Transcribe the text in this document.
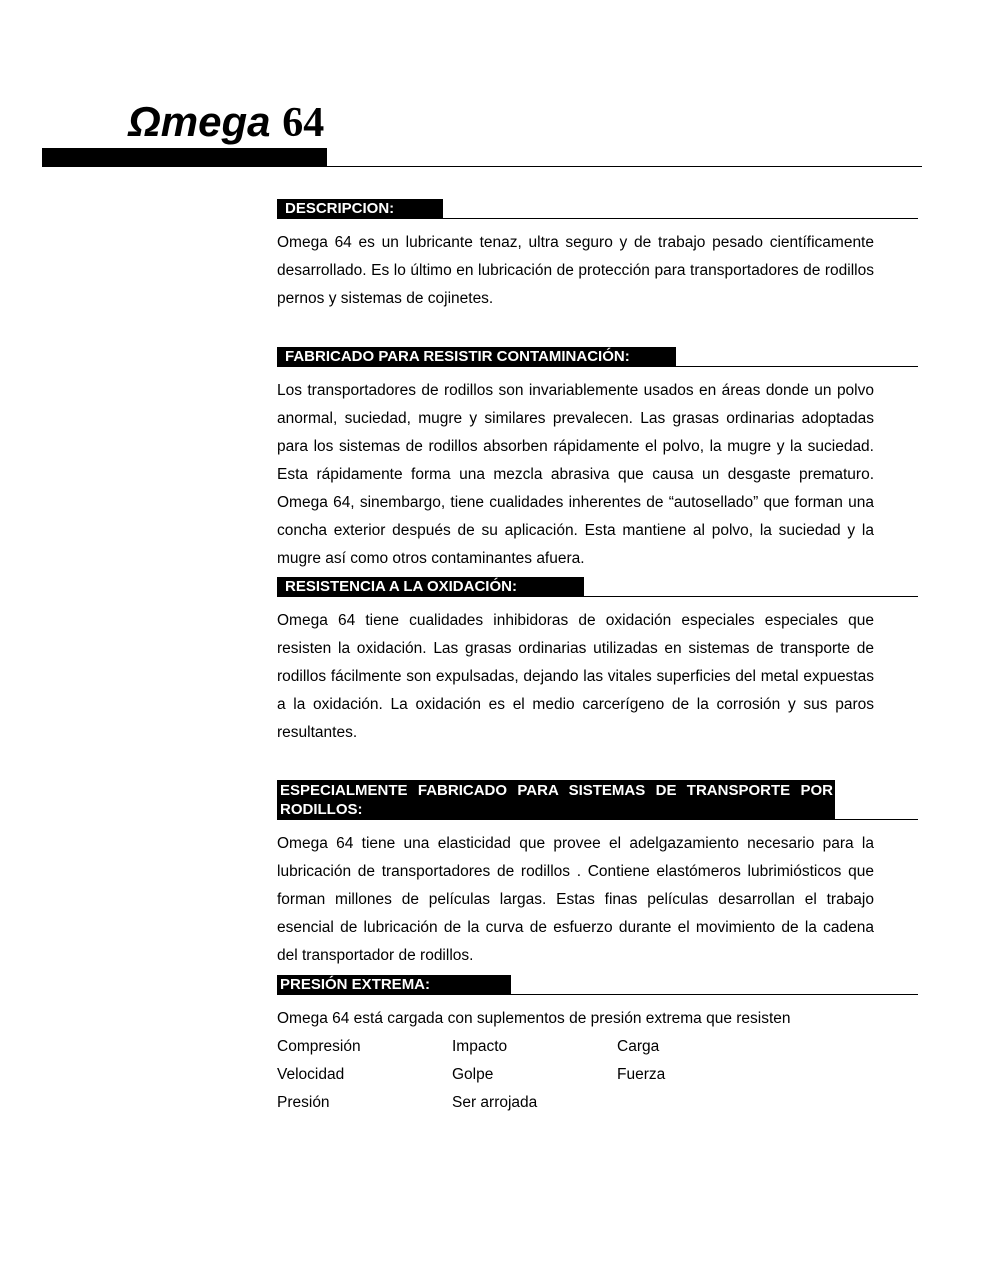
Ωmega 64
DESCRIPCION:

Omega 64 es un lubricante tenaz, ultra seguro y de trabajo pesado científicamente desarrollado. Es lo último en lubricación de protección para transportadores de rodillos pernos y sistemas de cojinetes.

FABRICADO PARA RESISTIR CONTAMINACIÓN:

Los transportadores de rodillos son invariablemente usados en áreas donde un polvo anormal, suciedad, mugre y similares prevalecen. Las grasas ordinarias adoptadas para los sistemas de rodillos absorben rápidamente el polvo, la mugre y la suciedad. Esta rápidamente forma una mezcla abrasiva que causa un desgaste prematuro. Omega 64, sinembargo, tiene cualidades inherentes de “autosellado” que forman una concha exterior después de su aplicación. Esta mantiene al polvo, la suciedad y la mugre así como otros contaminantes afuera.

RESISTENCIA A LA OXIDACIÓN:

Omega 64 tiene cualidades inhibidoras de oxidación especiales especiales que resisten la oxidación. Las grasas ordinarias utilizadas en sistemas de transporte de rodillos fácilmente son expulsadas, dejando las vitales superficies del metal expuestas a la oxidación. La oxidación es el medio carcerígeno de la corrosión y sus paros resultantes.

ESPECIALMENTE FABRICADO PARA SISTEMAS DE TRANSPORTE POR RODILLOS:

Omega 64 tiene una elasticidad que provee el adelgazamiento necesario para la lubricación de transportadores de rodillos . Contiene elastómeros lubrimiósticos que forman millones de películas largas. Estas finas películas desarrollan el trabajo esencial de lubricación de la curva de esfuerzo durante el movimiento de la cadena del transportador de rodillos.

PRESIÓN EXTREMA:

Omega 64 está cargada con suplementos de presión extrema que resisten

Compresión	Impacto	Carga
Velocidad	Golpe	Fuerza
Presión	Ser arrojada
